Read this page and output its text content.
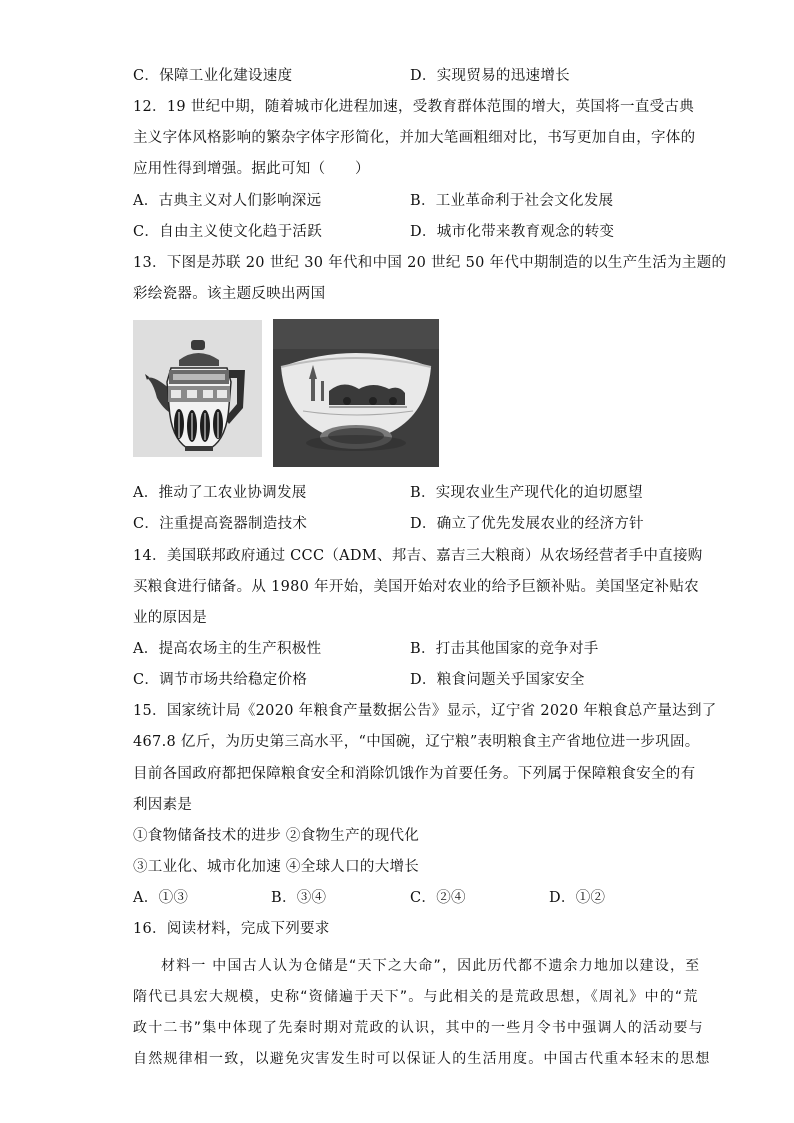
C．保障工业化建设速度	D．实现贸易的迅速增长
12．19 世纪中期，随着城市化进程加速，受教育群体范围的增大，英国将一直受古典
主义字体风格影响的繁杂字体字形简化，并加大笔画粗细对比，书写更加自由，字体的
应用性得到增强。据此可知（　　）
A．古典主义对人们影响深远	B．工业革命利于社会文化发展
C．自由主义使文化趋于活跃	D．城市化带来教育观念的转变
13．下图是苏联 20 世纪 30 年代和中国 20 世纪 50 年代中期制造的以生产生活为主题的
彩绘瓷器。该主题反映出两国
A．推动了工农业协调发展	B．实现农业生产现代化的迫切愿望
C．注重提高瓷器制造技术	D．确立了优先发展农业的经济方针
14．美国联邦政府通过 CCC（ADM、邦吉、嘉吉三大粮商）从农场经营者手中直接购
买粮食进行储备。从 1980 年开始，美国开始对农业的给予巨额补贴。美国坚定补贴农
业的原因是
A．提高农场主的生产积极性	B．打击其他国家的竞争对手
C．调节市场共给稳定价格	D．粮食问题关乎国家安全
15．国家统计局《2020 年粮食产量数据公告》显示，辽宁省 2020 年粮食总产量达到了
467.8 亿斤，为历史第三高水平，“中国碗，辽宁粮”表明粮食主产省地位进一步巩固。
目前各国政府都把保障粮食安全和消除饥饿作为首要任务。下列属于保障粮食安全的有
利因素是
①食物储备技术的进步 ②食物生产的现代化
③工业化、城市化加速 ④全球人口的大增长
A．①③	B．③④	C．②④	D．①②
16．阅读材料，完成下列要求
材料一 中国古人认为仓储是“天下之大命”，因此历代都不遗余力地加以建设，至
隋代已具宏大规模，史称“资储遍于天下”。与此相关的是荒政思想，《周礼》中的“荒
政十二书”集中体现了先秦时期对荒政的认识，其中的一些月令书中强调人的活动要与
自然规律相一致，以避免灾害发生时可以保证人的生活用度。中国古代重本轻末的思想
